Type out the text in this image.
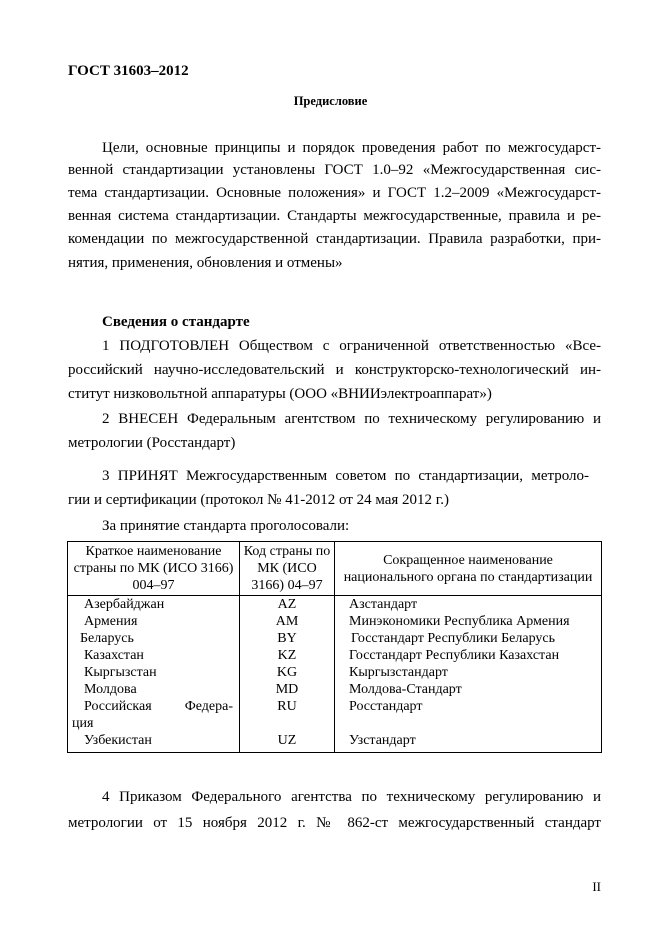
ГОСТ 31603–2012
Предисловие
Цели, основные принципы и порядок проведения работ по межгосударст-
венной стандартизации установлены ГОСТ 1.0–92 «Межгосударственная сис-
тема стандартизации. Основные положения» и ГОСТ 1.2–2009 «Межгосударст-
венная система стандартизации. Стандарты межгосударственные, правила и ре-
комендации по межгосударственной стандартизации. Правила разработки, при-
нятия, применения, обновления и отмены»
Сведения о стандарте
1 ПОДГОТОВЛЕН Обществом с ограниченной ответственностью «Все-
российский научно-исследовательский и конструкторско-технологический ин-
ститут низковольтной аппаратуры (ООО «ВНИИэлектроаппарат»)
2 ВНЕСЕН Федеральным агентством по техническому регулированию и
метрологии (Росстандарт)
3 ПРИНЯТ Межгосударственным советом по стандартизации, метроло-
гии и сертификации (протокол № 41-2012 от 24 мая 2012 г.)
За принятие стандарта проголосовали:
Краткое наименование страны по МК (ИСО 3166) 004–97	Код страны по МК (ИСО 3166) 04–97	Сокращенное наименование национального органа по стандартизации
Азербайджан	AZ	Азстандарт
Армения	AM	Минэкономики Республика Армения
Беларусь	BY	Госстандарт Республики Беларусь
Казахстан	KZ	Госстандарт Республики Казахстан
Кыргызстан	KG	Кыргызстандарт
Молдова	MD	Молдова-Стандарт

Российская Федера-
ция	RU	Росстандарт
Узбекистан	UZ	Узстандарт
4 Приказом Федерального агентства по техническому регулированию и
метрологии от 15 ноября 2012 г. № 862-ст межгосударственный стандарт
II
